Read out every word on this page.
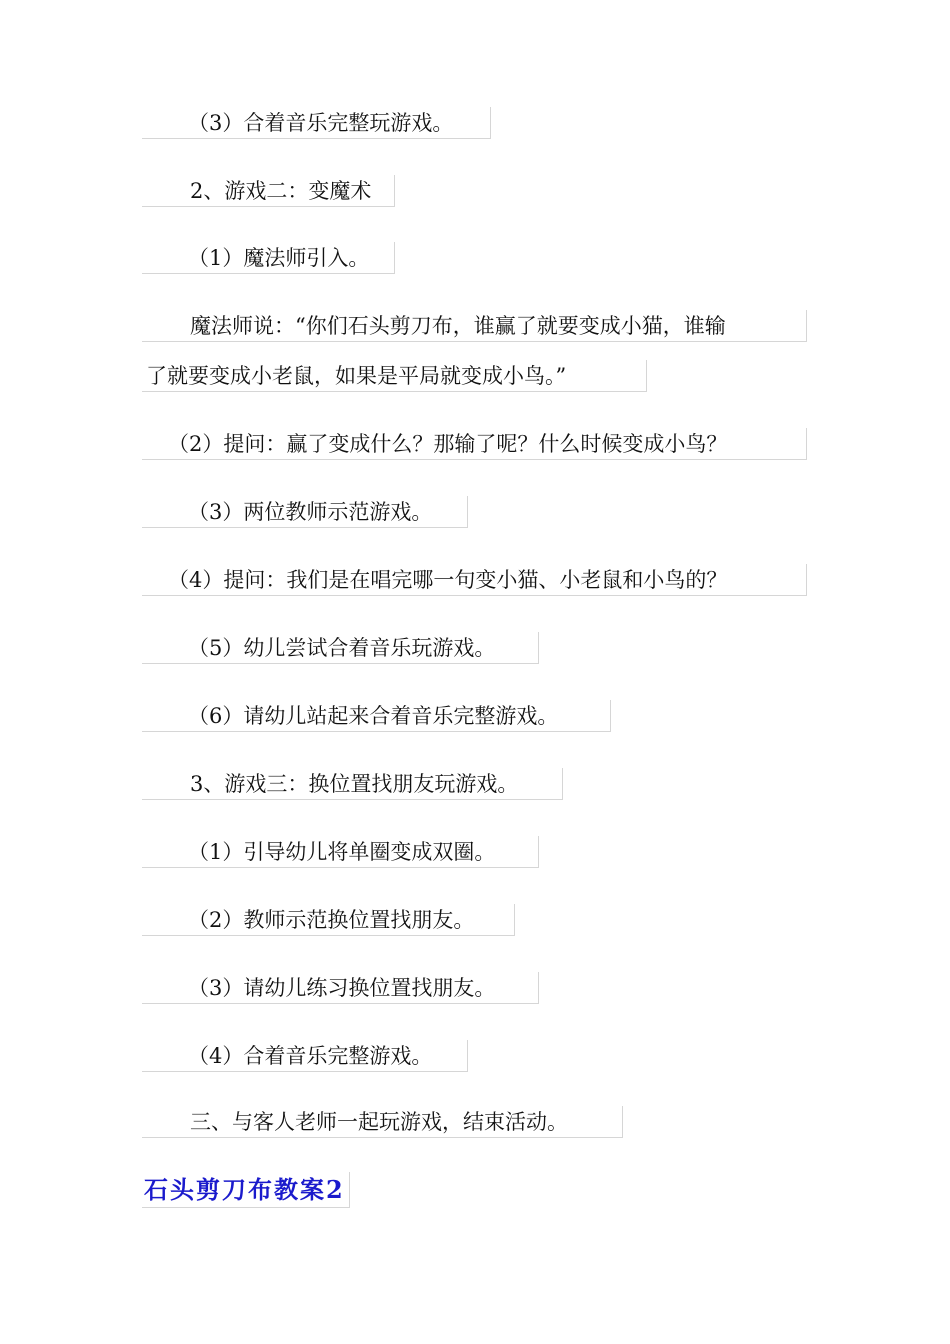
（3）合着音乐完整玩游戏。
2、游戏二：变魔术
（1）魔法师引入。
魔法师说：“你们石头剪刀布，谁赢了就要变成小猫，谁输
了就要变成小老鼠，如果是平局就变成小鸟。”
（2）提问：赢了变成什么？那输了呢？什么时候变成小鸟？
（3）两位教师示范游戏。
（4）提问：我们是在唱完哪一句变小猫、小老鼠和小鸟的？
（5）幼儿尝试合着音乐玩游戏。
（6）请幼儿站起来合着音乐完整游戏。
3、游戏三：换位置找朋友玩游戏。
（1）引导幼儿将单圈变成双圈。
（2）教师示范换位置找朋友。
（3）请幼儿练习换位置找朋友。
（4）合着音乐完整游戏。
三、与客人老师一起玩游戏，结束活动。
石头剪刀布教案2
